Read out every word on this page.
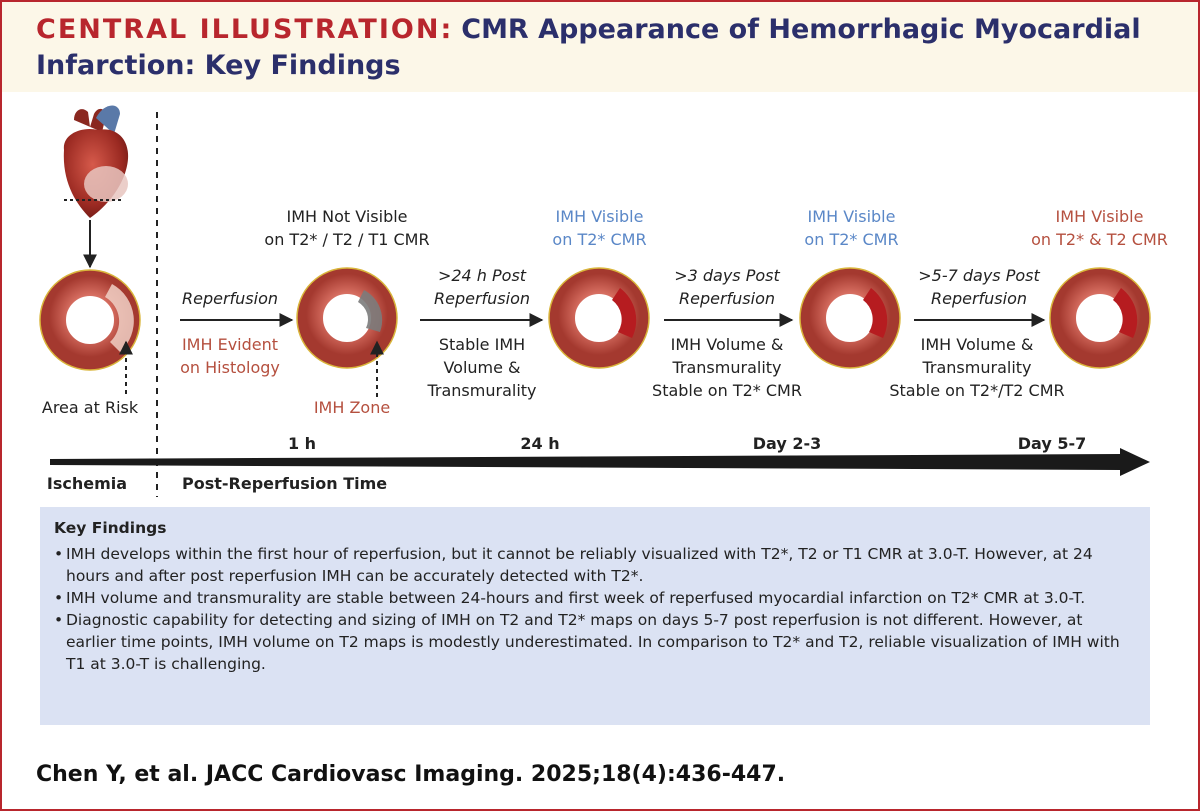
CENTRAL ILLUSTRATION: CMR Appearance of Hemorrhagic Myocardial Infarction: Key Findings
Area at Risk
Ischemia	Post-Reperfusion Time
Reperfusion
IMH Evident
on Histology
IMH Zone
IMH Not Visible
on T2* / T2 / T1 CMR
IMH Visible
on T2* CMR
IMH Visible
on T2* CMR
IMH Visible
on T2* & T2 CMR
>24 h Post
Reperfusion
Stable IMH
Volume &
Transmurality
>3 days Post
Reperfusion
IMH Volume &
Transmurality
Stable on T2* CMR
>5-7 days Post
Reperfusion
IMH Volume &
Transmurality
Stable on T2*/T2 CMR
1 h	24 h	Day 2-3	Day 5-7
Key Findings
• IMH develops within the first hour of reperfusion, but it cannot be reliably visualized with T2*, T2 or T1 CMR at 3.0-T. However, at 24 hours and after post reperfusion IMH can be accurately detected with T2*.
• IMH volume and transmurality are stable between 24-hours and first week of reperfused myocardial infarction on T2* CMR at 3.0-T.
• Diagnostic capability for detecting and sizing of IMH on T2 and T2* maps on days 5-7 post reperfusion is not different. However, at earlier time points, IMH volume on T2 maps is modestly underestimated. In comparison to T2* and T2, reliable visualization of IMH with T1 at 3.0-T is challenging.
Chen Y, et al. JACC Cardiovasc Imaging. 2025;18(4):436-447.
